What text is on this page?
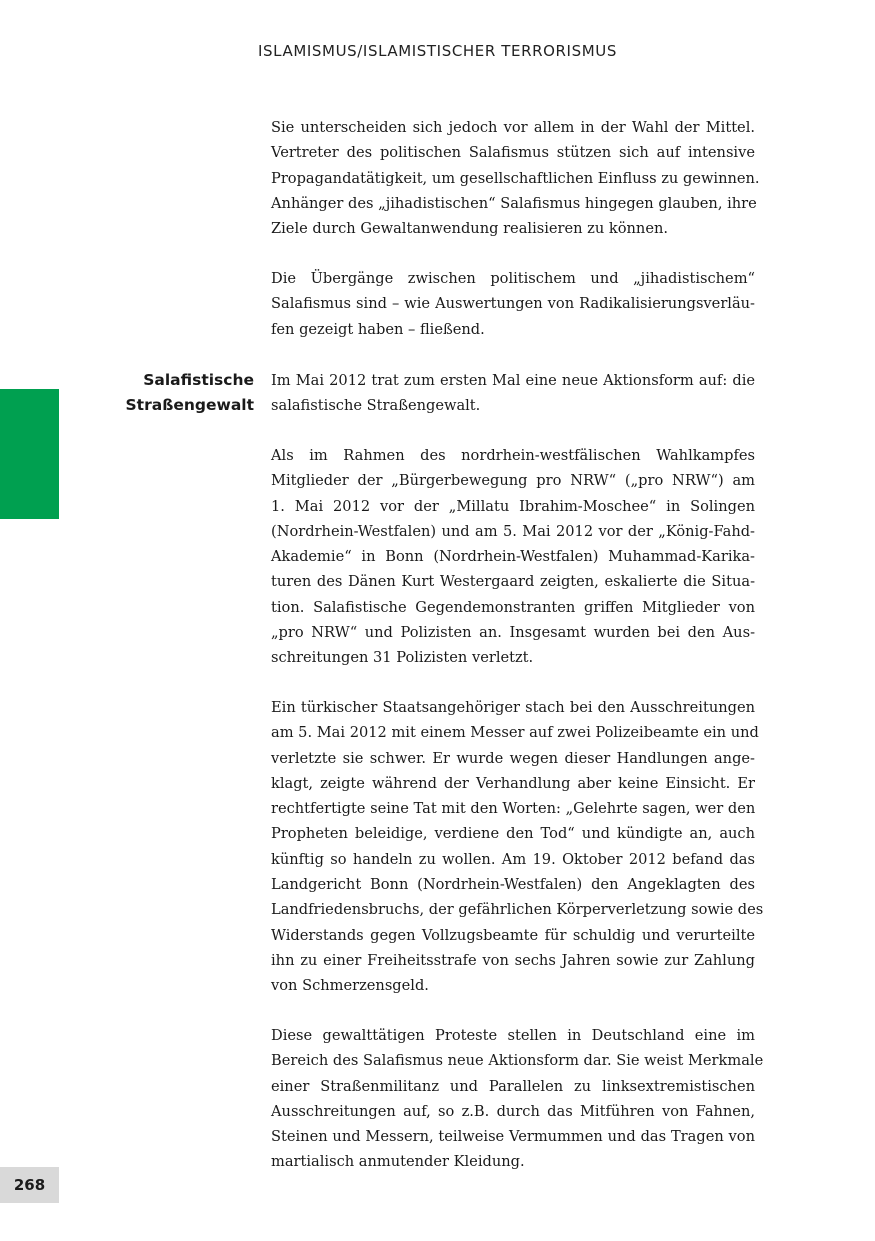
ISLAMISMUS/ISLAMISTISCHER TERRORISMUS
Salafistische
Straßengewalt
Sie unterscheiden sich jedoch vor allem in der Wahl der Mittel.
Vertreter des politischen Salafismus stützen sich auf intensive
Propagandatätigkeit, um gesellschaftlichen Einfluss zu gewinnen.
Anhänger des „jihadistischen“ Salafismus hingegen glauben, ihre
Ziele durch Gewaltanwendung realisieren zu können.
Die Übergänge zwischen politischem und „jihadistischem“
Salafismus sind – wie Auswertungen von Radikalisierungsverläu-
fen gezeigt haben – fließend.
Im Mai 2012 trat zum ersten Mal eine neue Aktionsform auf: die
salafistische Straßengewalt.
Als im Rahmen des nordrhein-westfälischen Wahlkampfes
Mitglieder der „Bürgerbewegung pro NRW“ („pro NRW“) am
1. Mai 2012 vor der „Millatu Ibrahim-Moschee“ in Solingen
(Nordrhein-Westfalen) und am 5. Mai 2012 vor der „König-Fahd-
Akademie“ in Bonn (Nordrhein-Westfalen) Muhammad-Karika-
turen des Dänen Kurt Westergaard zeigten, eskalierte die Situa-
tion. Salafistische Gegendemonstranten griffen Mitglieder von
„pro NRW“ und Polizisten an. Insgesamt wurden bei den Aus-
schreitungen 31 Polizisten verletzt.
Ein türkischer Staatsangehöriger stach bei den Ausschreitungen
am 5. Mai 2012 mit einem Messer auf zwei Polizeibeamte ein und
verletzte sie schwer. Er wurde wegen dieser Handlungen ange-
klagt, zeigte während der Verhandlung aber keine Einsicht. Er
rechtfertigte seine Tat mit den Worten: „Gelehrte sagen, wer den
Propheten beleidige, verdiene den Tod“ und kündigte an, auch
künftig so handeln zu wollen. Am 19. Oktober 2012 befand das
Landgericht Bonn (Nordrhein-Westfalen) den Angeklagten des
Landfriedensbruchs, der gefährlichen Körperverletzung sowie des
Widerstands gegen Vollzugsbeamte für schuldig und verurteilte
ihn zu einer Freiheitsstrafe von sechs Jahren sowie zur Zahlung
von Schmerzensgeld.
Diese gewalttätigen Proteste stellen in Deutschland eine im
Bereich des Salafismus neue Aktionsform dar. Sie weist Merkmale
einer Straßenmilitanz und Parallelen zu linksextremistischen
Ausschreitungen auf, so z.B. durch das Mitführen von Fahnen,
Steinen und Messern, teilweise Vermummen und das Tragen von
martialisch anmutender Kleidung.
268
